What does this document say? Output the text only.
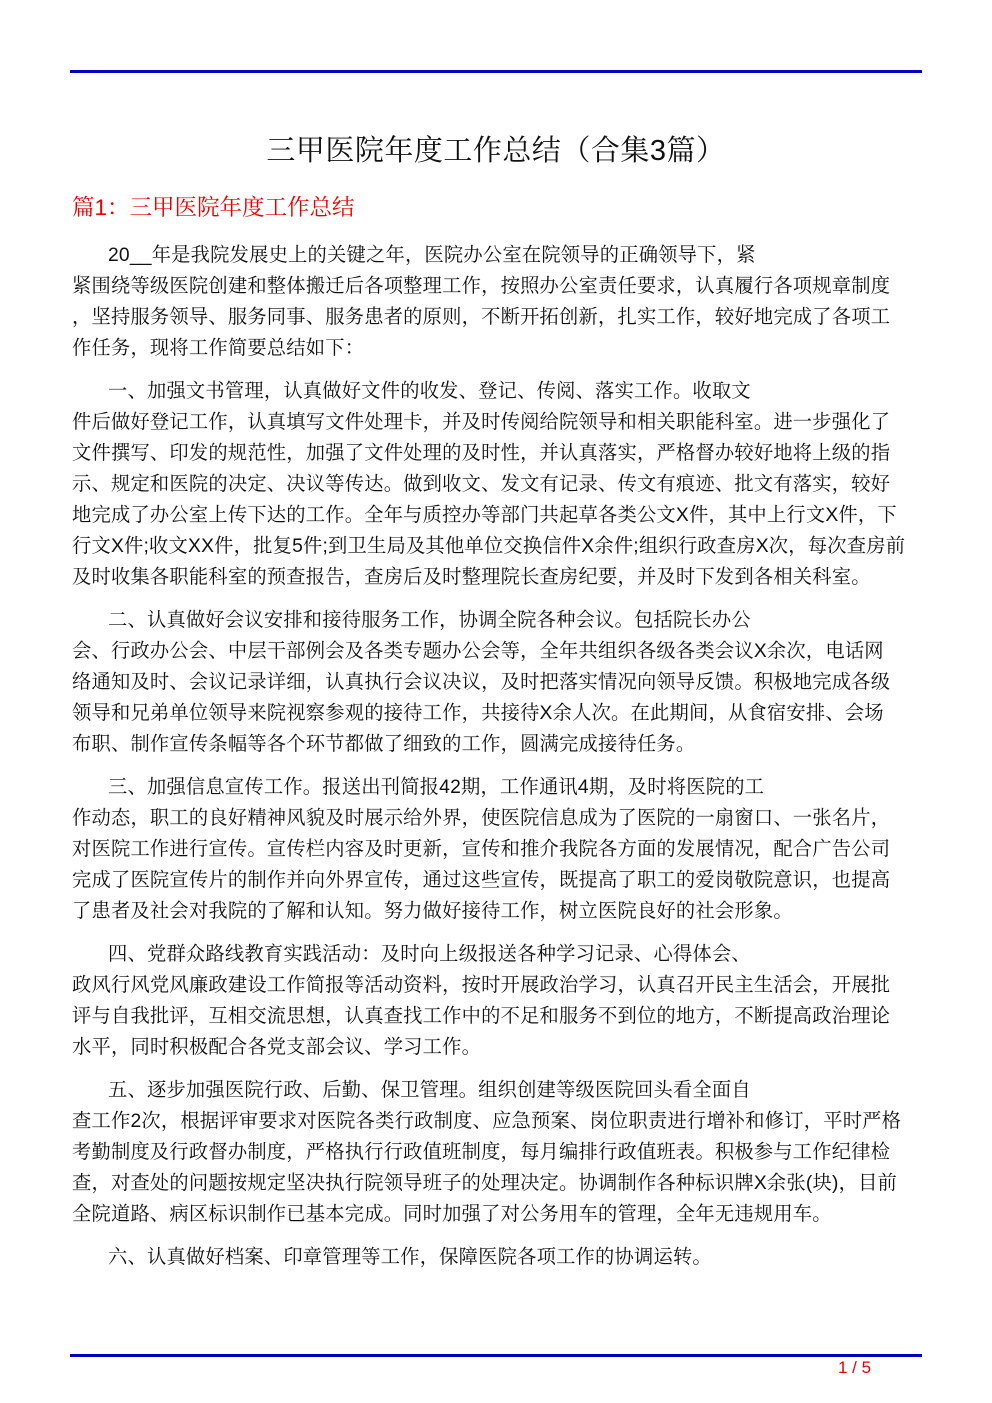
三甲医院年度工作总结（合集3篇）
篇1：三甲医院年度工作总结
20__年是我院发展史上的关键之年，医院办公室在院领导的正确领导下，紧
紧围绕等级医院创建和整体搬迁后各项整理工作，按照办公室责任要求，认真履行各项规章制度
，坚持服务领导、服务同事、服务患者的原则，不断开拓创新，扎实工作，较好地完成了各项工
作任务，现将工作简要总结如下：
一、加强文书管理，认真做好文件的收发、登记、传阅、落实工作。收取文
件后做好登记工作，认真填写文件处理卡，并及时传阅给院领导和相关职能科室。进一步强化了
文件撰写、印发的规范性，加强了文件处理的及时性，并认真落实，严格督办较好地将上级的指
示、规定和医院的决定、决议等传达。做到收文、发文有记录、传文有痕迹、批文有落实，较好
地完成了办公室上传下达的工作。全年与质控办等部门共起草各类公文X件，其中上行文X件，下
行文X件;收文XX件，批复5件;到卫生局及其他单位交换信件X余件;组织行政查房X次，每次查房前
及时收集各职能科室的预查报告，查房后及时整理院长查房纪要，并及时下发到各相关科室。
二、认真做好会议安排和接待服务工作，协调全院各种会议。包括院长办公
会、行政办公会、中层干部例会及各类专题办公会等，全年共组织各级各类会议X余次，电话网
络通知及时、会议记录详细，认真执行会议决议，及时把落实情况向领导反馈。积极地完成各级
领导和兄弟单位领导来院视察参观的接待工作，共接待X余人次。在此期间，从食宿安排、会场
布职、制作宣传条幅等各个环节都做了细致的工作，圆满完成接待任务。
三、加强信息宣传工作。报送出刊简报42期，工作通讯4期，及时将医院的工
作动态，职工的良好精神风貌及时展示给外界，使医院信息成为了医院的一扇窗口、一张名片，
对医院工作进行宣传。宣传栏内容及时更新，宣传和推介我院各方面的发展情况，配合广告公司
完成了医院宣传片的制作并向外界宣传，通过这些宣传，既提高了职工的爱岗敬院意识，也提高
了患者及社会对我院的了解和认知。努力做好接待工作，树立医院良好的社会形象。
四、党群众路线教育实践活动：及时向上级报送各种学习记录、心得体会、
政风行风党风廉政建设工作简报等活动资料，按时开展政治学习，认真召开民主生活会，开展批
评与自我批评，互相交流思想，认真查找工作中的不足和服务不到位的地方，不断提高政治理论
水平，同时积极配合各党支部会议、学习工作。
五、逐步加强医院行政、后勤、保卫管理。组织创建等级医院回头看全面自
查工作2次，根据评审要求对医院各类行政制度、应急预案、岗位职责进行增补和修订，平时严格
考勤制度及行政督办制度，严格执行行政值班制度，每月编排行政值班表。积极参与工作纪律检
查，对查处的问题按规定坚决执行院领导班子的处理决定。协调制作各种标识牌X余张(块)，目前
全院道路、病区标识制作已基本完成。同时加强了对公务用车的管理，全年无违规用车。
六、认真做好档案、印章管理等工作，保障医院各项工作的协调运转。
1 / 5
